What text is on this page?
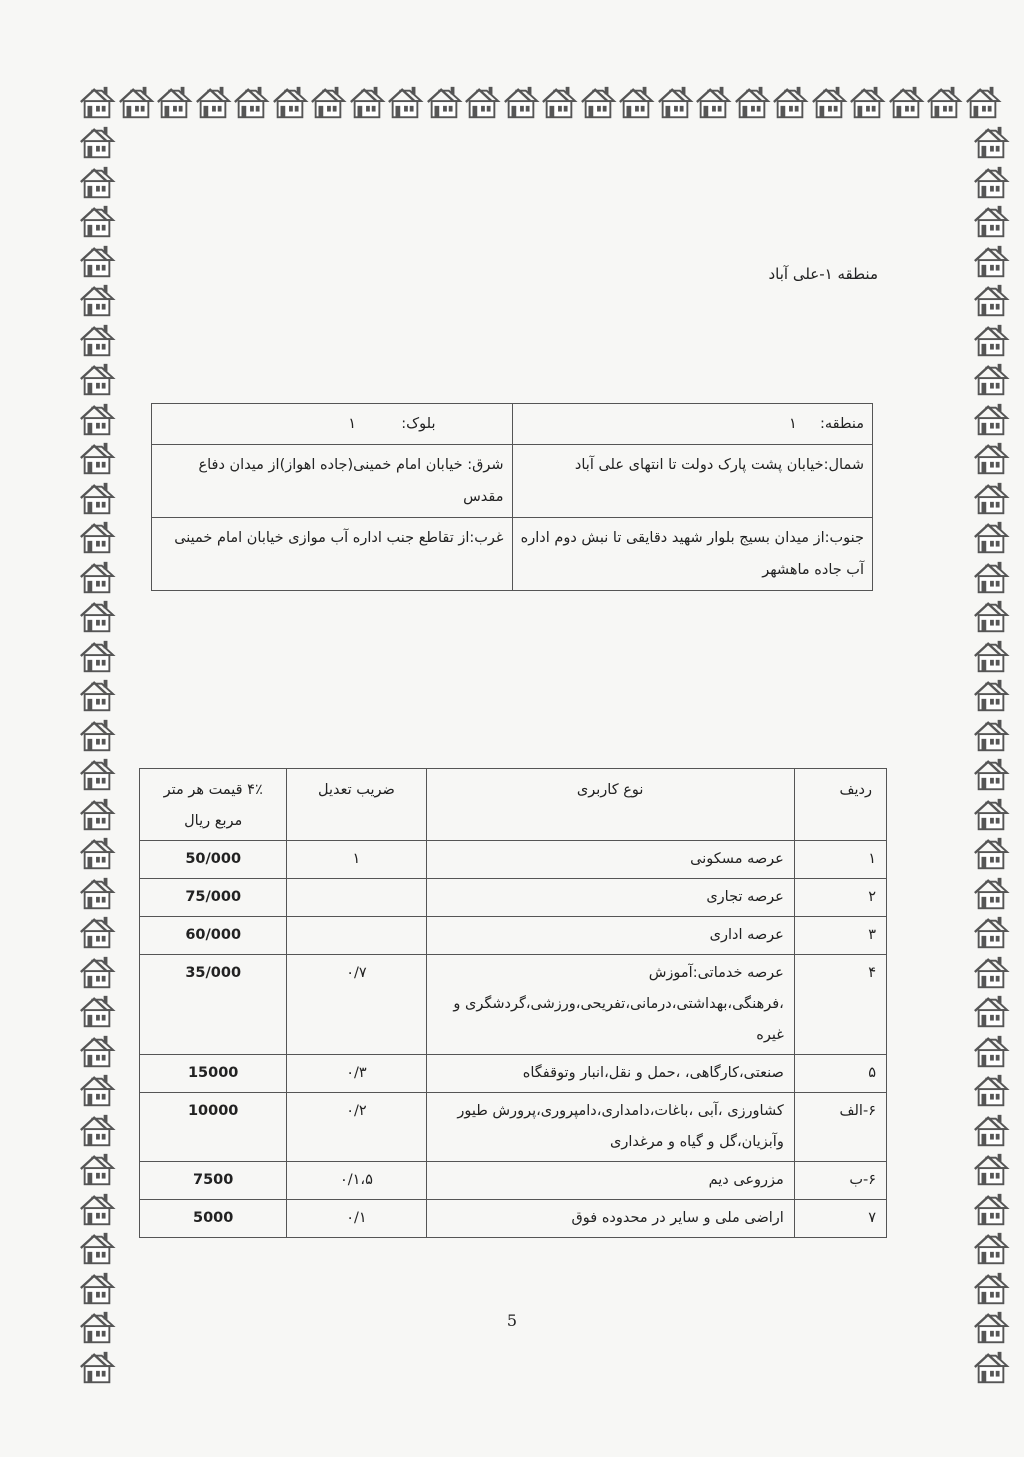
منطقه ۱-علی آباد
منطقه:  ۱	بلوک:  ۱
شمال:خیابان پشت پارک دولت تا انتهای علی آباد	شرق: خیابان امام خمینی(جاده اهواز)از میدان دفاع مقدس
جنوب:از میدان بسیج بلوار شهید دقایقی تا نبش دوم اداره آب جاده ماهشهر	غرب:از تقاطع جنب اداره آب موازی خیابان امام خمینی
ردیف	نوع کاربری	ضریب تعدیل	۴٪ قیمت هر متر مربع ریال
۱	عرصه مسکونی	۱	50/000
۲	عرصه تجاری		75/000
۳	عرصه اداری		60/000
۴	عرصه خدماتی:آموزش ،فرهنگی،بهداشتی،درمانی،تفریحی،ورزشی،گردشگری و غیره	۰/۷	35/000
۵	صنعتی،کارگاهی، ،حمل و نقل،انبار وتوقفگاه	۰/۳	15000
۶-الف	کشاورزی ،آبی ،باغات،دامداری،دامپروری،پرورش طیور وآبزیان،گل و گیاه و مرغداری	۰/۲	10000
۶-ب	مزروعی دیم	۰/۱،۵	7500
۷	اراضی ملی و سایر در محدوده فوق	۰/۱	5000
5
